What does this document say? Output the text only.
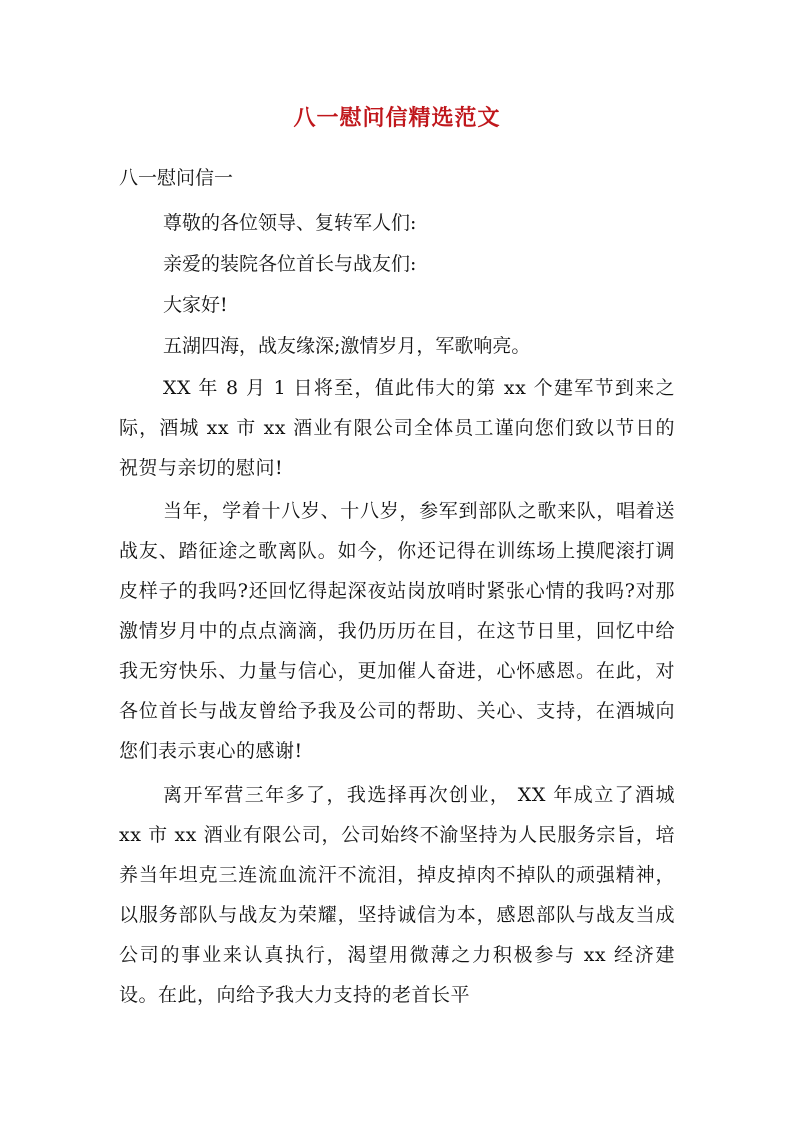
八一慰问信精选范文
八一慰问信一
尊敬的各位领导、复转军人们:
亲爱的装院各位首长与战友们:
大家好!
五湖四海，战友缘深;激情岁月，军歌响亮。
XX 年 8 月 1 日将至，值此伟大的第 xx 个建军节到来之际，酒城 xx 市 xx 酒业有限公司全体员工谨向您们致以节日的祝贺与亲切的慰问!
当年，学着十八岁、十八岁，参军到部队之歌来队，唱着送战友、踏征途之歌离队。如今，你还记得在训练场上摸爬滚打调皮样子的我吗?还回忆得起深夜站岗放哨时紧张心情的我吗?对那激情岁月中的点点滴滴，我仍历历在目，在这节日里，回忆中给我无穷快乐、力量与信心，更加催人奋进，心怀感恩。在此，对各位首长与战友曾给予我及公司的帮助、关心、支持，在酒城向您们表示衷心的感谢!
离开军营三年多了，我选择再次创业， XX 年成立了酒城 xx 市 xx 酒业有限公司，公司始终不渝坚持为人民服务宗旨，培养当年坦克三连流血流汗不流泪，掉皮掉肉不掉队的顽强精神，以服务部队与战友为荣耀，坚持诚信为本，感恩部队与战友当成公司的事业来认真执行，渴望用微薄之力积极参与 xx 经济建设。在此，向给予我大力支持的老首长平
